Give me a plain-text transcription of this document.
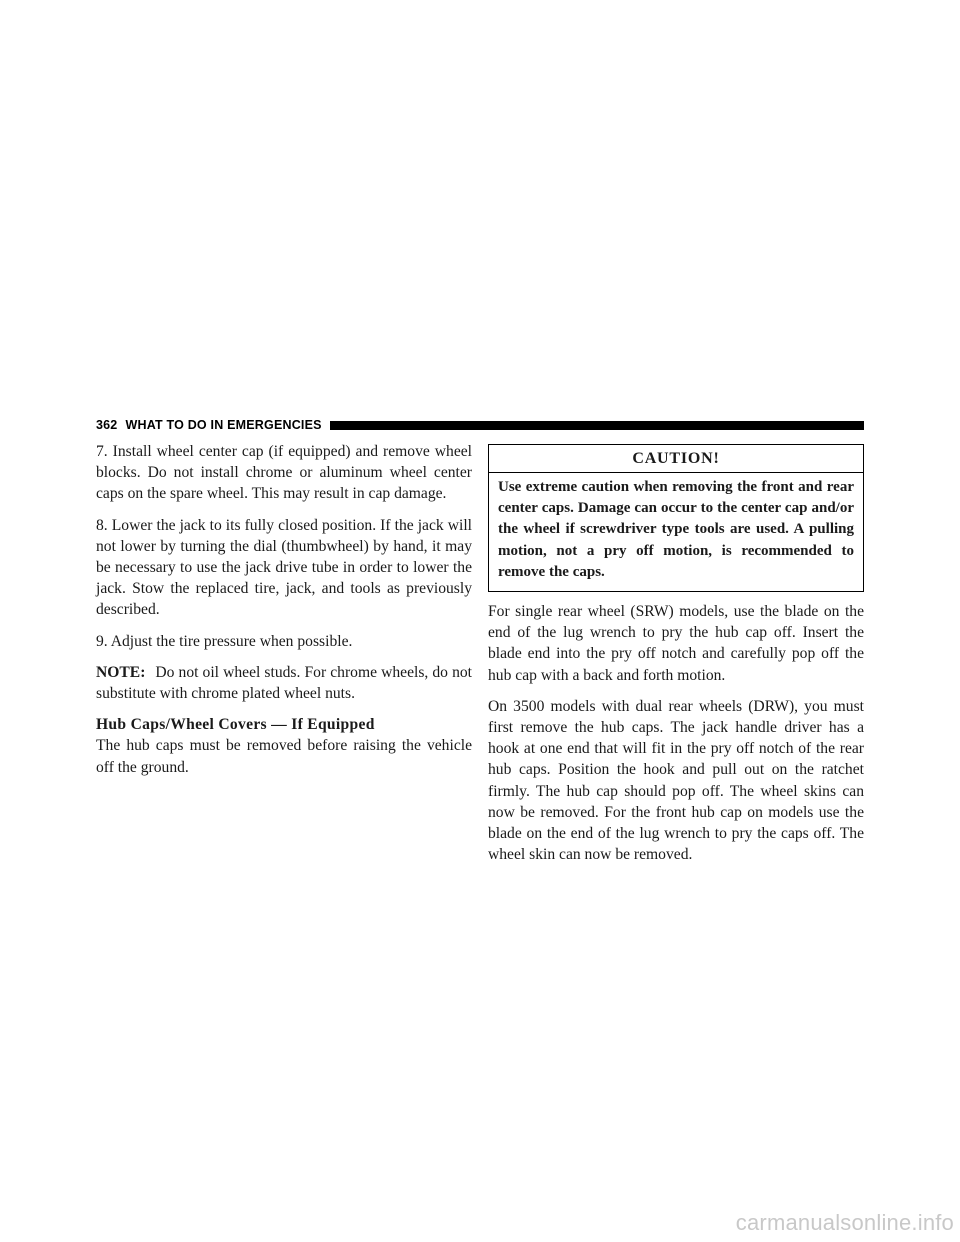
362 WHAT TO DO IN EMERGENCIES

7. Install wheel center cap (if equipped) and remove wheel blocks. Do not install chrome or aluminum wheel center caps on the spare wheel. This may result in cap damage.

8. Lower the jack to its fully closed position. If the jack will not lower by turning the dial (thumbwheel) by hand, it may be necessary to use the jack drive tube in order to lower the jack. Stow the replaced tire, jack, and tools as previously described.

9. Adjust the tire pressure when possible.

NOTE: Do not oil wheel studs. For chrome wheels, do not substitute with chrome plated wheel nuts.

Hub Caps/Wheel Covers — If Equipped

The hub caps must be removed before raising the vehicle off the ground.

CAUTION!
Use extreme caution when removing the front and rear center caps. Damage can occur to the center cap and/or the wheel if screwdriver type tools are used. A pulling motion, not a pry off motion, is recommended to remove the caps.

For single rear wheel (SRW) models, use the blade on the end of the lug wrench to pry the hub cap off. Insert the blade end into the pry off notch and carefully pop off the hub cap with a back and forth motion.

On 3500 models with dual rear wheels (DRW), you must first remove the hub caps. The jack handle driver has a hook at one end that will fit in the pry off notch of the rear hub caps. Position the hook and pull out on the ratchet firmly. The hub cap should pop off. The wheel skins can now be removed. For the front hub cap on models use the blade on the end of the lug wrench to pry the caps off. The wheel skin can now be removed.

carmanualsonline.info
